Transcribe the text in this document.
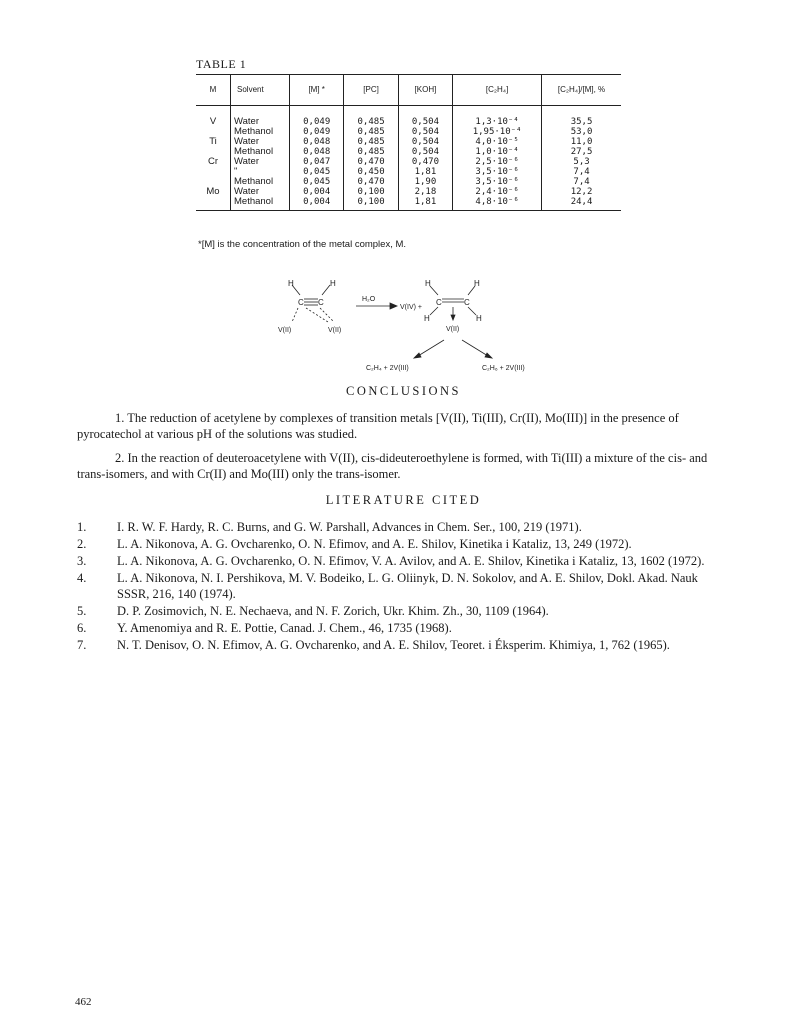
TABLE 1
M	Solvent	[M] *	[PC]	[KOH]	[C₂H₄]	[C₂H₄]/[M], %
V	Water	0,049	0,485	0,504	1,3·10⁻⁴	35,5
	Methanol	0,049	0,485	0,504	1,95·10⁻⁴	53,0
Ti	Water	0,048	0,485	0,504	4,0·10⁻⁵	11,0
	Methanol	0,048	0,485	0,504	1,0·10⁻⁴	27,5
Cr	Water	0,047	0,470	0,470	2,5·10⁻⁶	5,3
	"	0,045	0,450	1,81	3,5·10⁻⁶	7,4
	Methanol	0,045	0,470	1,90	3,5·10⁻⁶	7,4
Mo	Water	0,004	0,100	2,18	2,4·10⁻⁶	12,2
	Methanol	0,004	0,100	1,81	4,8·10⁻⁶	24,4
*[M] is the concentration of the metal complex, M.
H	H
C C	H₂O
V(II)	V(II)
V(IV) +
H	H
C	C
H	H
V(II)
C₂H₄ + 2V(III)	C₂H₆ + 2V(III)
CONCLUSIONS
1. The reduction of acetylene by complexes of transition metals [V(II), Ti(III), Cr(II), Mo(III)] in the presence of pyrocatechol at various pH of the solutions was studied.
2. In the reaction of deuteroacetylene with V(II), cis-dideuteroethylene is formed, with Ti(III) a mixture of the cis- and trans-isomers, and with Cr(II) and Mo(III) only the trans-isomer.
LITERATURE CITED
1.	I. R. W. F. Hardy, R. C. Burns, and G. W. Parshall, Advances in Chem. Ser., 100, 219 (1971).
2.	L. A. Nikonova, A. G. Ovcharenko, O. N. Efimov, and A. E. Shilov, Kinetika i Kataliz, 13, 249 (1972).
3.	L. A. Nikonova, A. G. Ovcharenko, O. N. Efimov, V. A. Avilov, and A. E. Shilov, Kinetika i Kataliz, 13, 1602 (1972).
4.	L. A. Nikonova, N. I. Pershikova, M. V. Bodeiko, L. G. Oliinyk, D. N. Sokolov, and A. E. Shilov, Dokl. Akad. Nauk SSSR, 216, 140 (1974).
5.	D. P. Zosimovich, N. E. Nechaeva, and N. F. Zorich, Ukr. Khim. Zh., 30, 1109 (1964).
6.	Y. Amenomiya and R. E. Pottie, Canad. J. Chem., 46, 1735 (1968).
7.	N. T. Denisov, O. N. Efimov, A. G. Ovcharenko, and A. E. Shilov, Teoret. i Éksperim. Khimiya, 1, 762 (1965).
462
